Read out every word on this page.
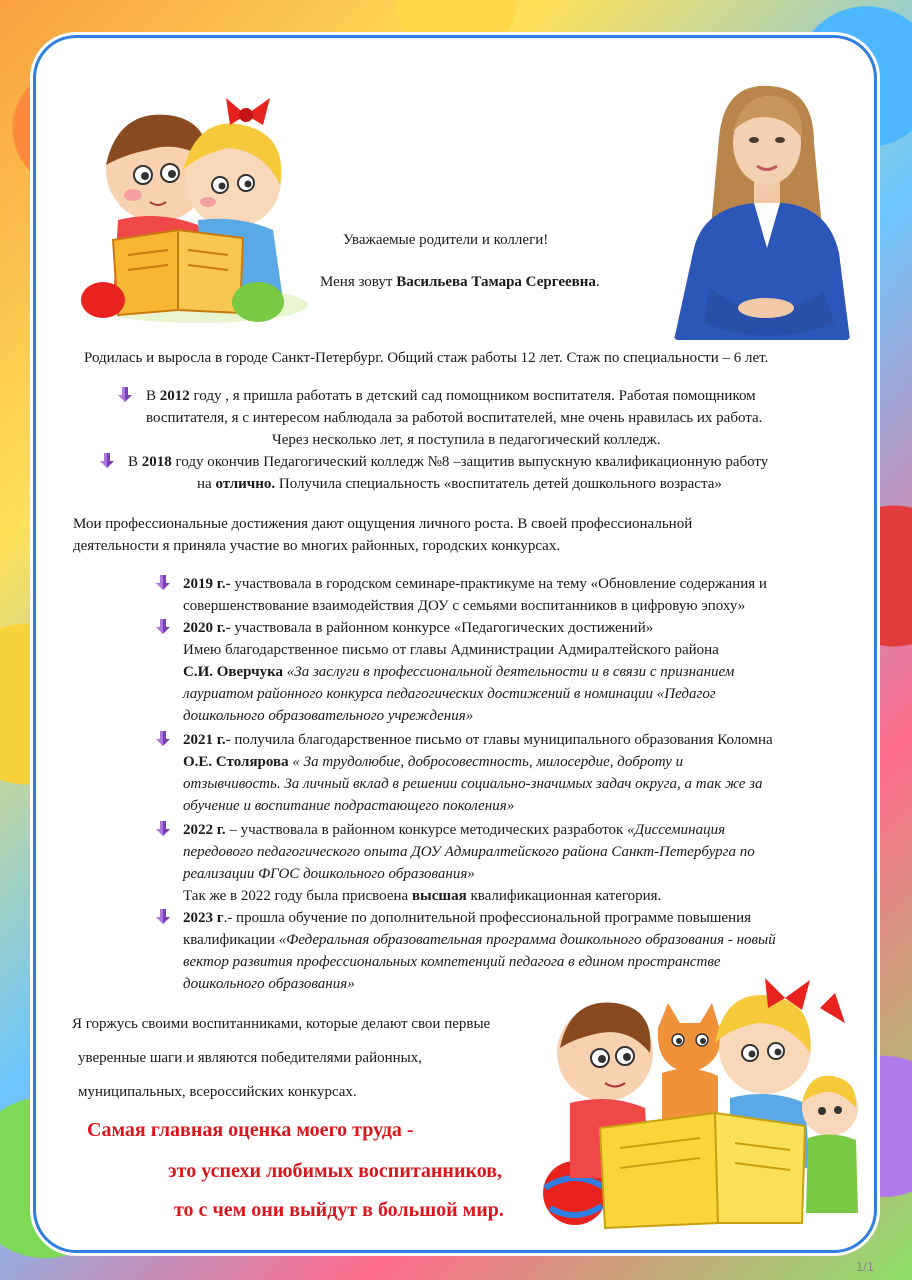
Уважаемые родители и коллеги!
Меня зовут Васильева Тамара Сергеевна.
Родилась и выросла в городе Санкт-Петербург. Общий стаж работы 12 лет. Стаж по специальности – 6 лет.
В 2012 году , я пришла работать в детский сад помощником воспитателя. Работая помощником
воспитателя, я с интересом наблюдала за работой воспитателей, мне очень нравилась их работа.
Через несколько лет, я поступила в педагогический колледж.
В 2018 году окончив Педагогический колледж №8 –защитив выпускную квалификационную работу
на отлично. Получила специальность «воспитатель детей дошкольного возраста»
Мои профессиональные достижения дают ощущения личного роста. В своей профессиональной
деятельности я приняла участие во многих районных, городских конкурсах.
2019 г.- участвовала в городском семинаре-практикуме на тему «Обновление содержания и
совершенствование взаимодействия ДОУ с семьями воспитанников в цифровую эпоху»
2020 г.- участвовала в районном конкурсе «Педагогических достижений»
Имею благодарственное письмо от главы Администрации Адмиралтейского района
С.И. Оверчука «За заслуги в профессиональной деятельности и в связи с признанием
лауриатом районного конкурса педагогических достижений в номинации «Педагог
дошкольного образовательного учреждения»
2021 г.- получила благодарственное письмо от главы муниципального образования Коломна
О.Е. Столярова « За трудолюбие, добросовестность, милосердие, доброту и
отзывчивость. За личный вклад в решении социально-значимых задач округа, а так же за
обучение и воспитание подрастающего поколения»
2022 г. – участвовала в районном конкурсе методических разработок «Диссеминация
передового педагогического опыта ДОУ Адмиралтейского района Санкт-Петербурга по
реализации ФГОС дошкольного образования»
Так же в 2022 году была присвоена высшая квалификационная категория.
2023 г.- прошла обучение по дополнительной профессиональной программе повышения
квалификации «Федеральная образовательная программа дошкольного образования - новый
вектор развития профессиональных компетенций педагога в едином пространстве
дошкольного образования»
Я горжусь своими воспитанниками, которые делают свои первые
уверенные шаги и являются победителями районных,
муниципальных, всероссийских конкурсах.
Самая главная оценка моего труда -
это успехи любимых воспитанников,
то с чем они выйдут в большой мир.
1/1
